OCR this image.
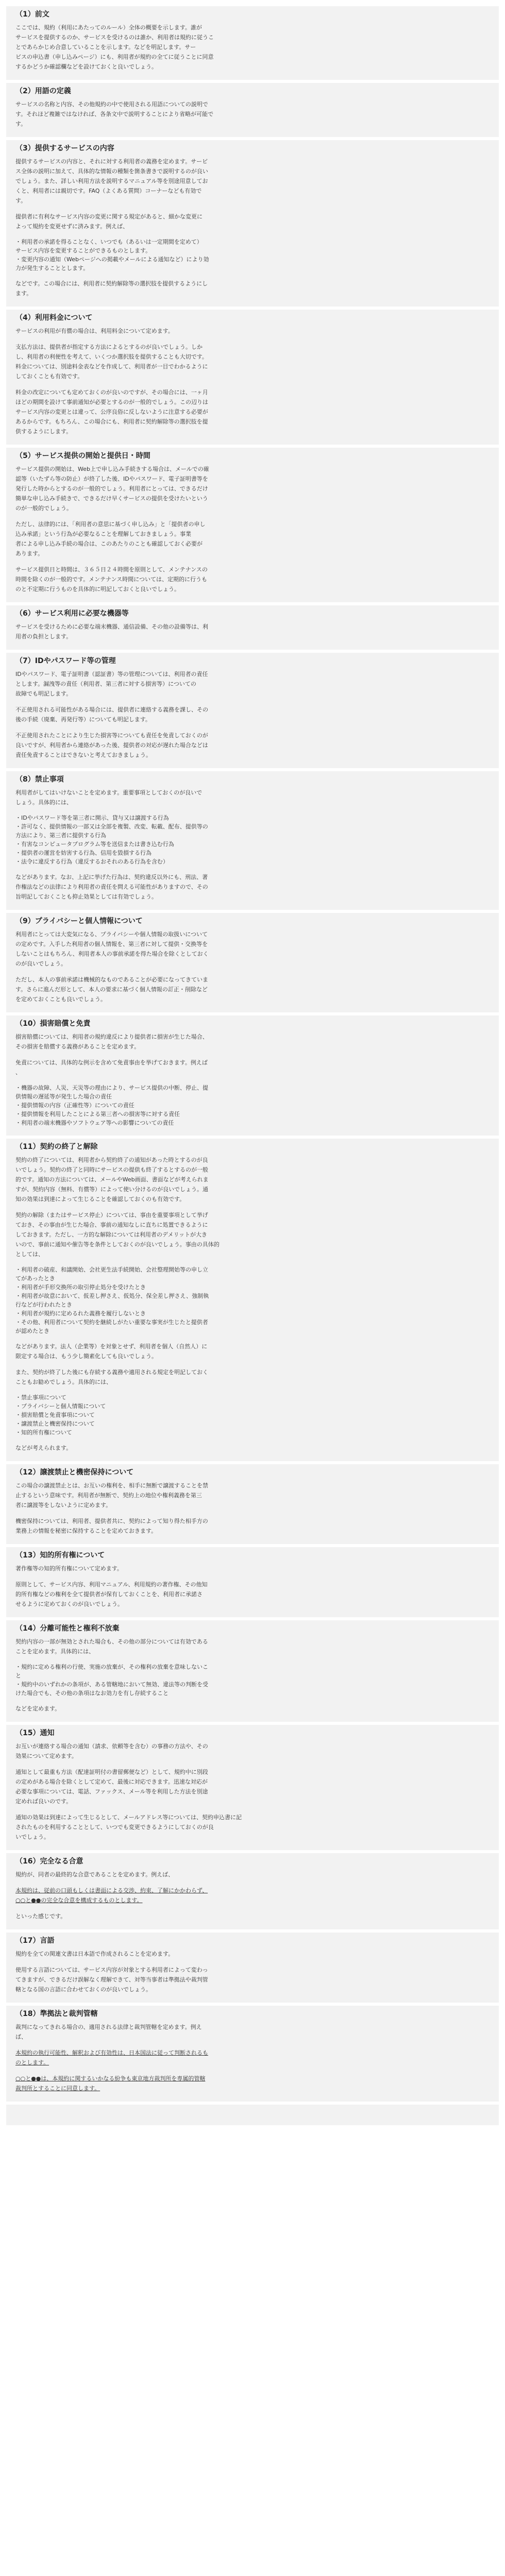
（1）前文

ここでは、規約（利用にあたってのルール）全体の概要を示します。誰が
サービスを提供するのか、サービスを受けるのは誰か、利用者は規約に従うこ
とであらかじめ合意していることを示します。などを明記します。サー
ビスの申込書（申し込みページ）にも、利用者が規約の全てに従うことに同意
するかどうか確認欄などを設けておくと良いでしょう。

（2）用語の定義

サービスの名称と内容、その他規約の中で使用される用語についての説明で
す。それほど複雑ではなければ、各条文中で説明することにより省略が可能で
す。

（3）提供するサービスの内容

提供するサービスの内容と、それに対する利用者の義務を定めます。サービ
ス全体の説明に加えて、具体的な情報の種類を箇条書きで説明するのが良い
でしょう。また、詳しい利用方法を説明するマニュアル等を別途用意してお
くと、利用者には親切です。FAQ（よくある質問）コーナーなども有効で
す。

提供者に有利なサービス内容の変更に関する規定があると、細かな変更に
よって規約を変更せずに済みます。例えば、

・利用者の承諾を得ることなく、いつでも（あるいは一定期間を定めて）
サービス内容を変更することができるものとします。
・変更内容の通知（Webページへの掲載やメールによる通知など）により効
力が発生することとします。

などです。この場合には、利用者に契約解除等の選択肢を提供するようにし
ます。

（4）利用料金について

サービスの利用が有償の場合は、利用料金について定めます。

支払方法は、提供者が指定する方法によるとするのが良いでしょう。しか
し、利用者の利便性を考えて、いくつか選択肢を提供することも大切です。
料金については、別途料金表などを作成して、利用者が一目でわかるように
しておくことも有効です。

料金の改定についても定めておくのが良いのですが、その場合には、一ヶ月
ほどの期間を設けて事前通知が必要とするのが一般的でしょう。この辺りは
サービス内容の変更とは違って、公序良俗に反しないように注意する必要が
あるからです。もちろん、この場合にも、利用者に契約解除等の選択肢を提
供するようにします。

（5）サービス提供の開始と提供日・時間

サービス提供の開始は、Web上で申し込み手続きする場合は、メールでの確
認等（いたずら等の防止）が終了した後、IDやパスワード、電子証明書等を
発行した時からとするのが一般的でしょう。利用者にとっては、できるだけ
簡単な申し込み手続きで、できるだけ早くサービスの提供を受けたいという
のが一般的でしょう。

ただし、法律的には、「利用者の意思に基づく申し込み」と「提供者の申し
込み承諾」という行為が必要なることを理解しておきましょう。事業
者による申し込み手続の場合は、このあたりのことも確認しておく必要が
あります。

サービス提供日と時間は、３６５日２４時間を原則として、メンテナンスの
時間を除くのが一般的です。メンテナンス時間については、定期的に行うも
のと不定期に行うものを具体的に明記しておくと良いでしょう。

（6）サービス利用に必要な機器等

サービスを受けるために必要な端末機器、通信設備、その他の設備等は、利
用者の負担とします。

（7）IDやパスワード等の管理

IDやパスワード、電子証明書（認証書）等の管理については、利用者の責任
とします。漏洩等の責任（利用者、第三者に対する損害等）についての
故障でも明記します。

不正使用される可能性がある場合には、提供者に連絡する義務を課し、その
後の手続（廃棄、再発行等）についても明記します。

不正使用されたことにより生じた損害等についても責任を免責しておくのが
良いですが、利用者から連絡があった後、提供者の対応が遅れた場合などは
責任免責することはできないと考えておきましょう。

（8）禁止事項

利用者がしてはいけないことを定めます。重要事項としておくのが良いで
しょう。具体的には、

・IDやパスワード等を第三者に開示、貸与又は譲渡する行為
・許可なく、提供情報の一部又は全部を複製、改変、転載、配布、提供等の
方法により、第三者に提供する行為
・有害なコンピュータプログラム等を送信または書き込む行為
・提供者の運営を妨害する行為、信用を毀損する行為
・法令に違反する行為（違反するおそれのある行為を含む）

などがあります。なお、上記に挙げた行為は、契約違反以外にも、刑法、著
作権法などの法律により利用者の責任を問える可能性がありますので、その
旨明記しておくことも抑止効果としては有効でしょう。

（9）プライバシーと個人情報について

利用者にとっては大変気になる、プライバシーや個人情報の取扱いについて
の定めです。入手した利用者の個人情報を、第三者に対して提供・交換等を
しないことはもちろん、利用者本人の事前承諾を得た場合を除くとしておく
のが良いでしょう。

ただし、本人の事前承諾は機械的なものであることが必要になってきていま
す。さらに進んだ形として、本人の要求に基づく個人情報の訂正・削除など
を定めておくことも良いでしょう。

（10）損害賠償と免責

損害賠償については、利用者の規約違反により提供者に損害が生じた場合、
その損害を賠償する義務があることを定めます。

免責については、具体的な例示を含めて免責事由を挙げておきます。例えば
、

・機器の故障、人災、天災等の理由により、サービス提供の中断、停止、提
供情報の遅延等が発生した場合の責任
・提供情報の内容（正確性等）についての責任
・提供情報を利用したことによる第三者への損害等に対する責任
・利用者の端末機器やソフトウェア等への影響についての責任
（11）契約の終了と解除

契約の終了については、利用者から契約終了の通知があった時とするのが良
いでしょう。契約の終了と同時にサービスの提供も終了するとするのが一般
的です。通知の方法については、メールやWeb画面、書面などが考えられま
すが、契約内容（無料、有償等）によって使い分けるのが良いでしょう。通
知の効果は到達によって生じることを確認しておくのも有効です。

契約の解除（またはサービス停止）については、事由を重要事項として挙げ
ておき、その事由が生じた場合、事前の通知なしに直ちに処置できるように
しておきます。ただし、一方的な解除については利用者のデメリットが大き
いので、事前に通知や催告等を条件としておくのが良いでしょう。事由の具体的
としては、

・利用者の破産、和議開始、会社更生法手続開始、会社整理開始等の申し立
てがあったとき
・利用者が手形交換所の取引停止処分を受けたとき
・利用者が故意において、仮差し押さえ、仮処分、保全差し押さえ、強制執
行などが行われたとき
・利用者が規約に定めるれた義務を履行しないとき
・その他、利用者について契約を継続しがたい重要な事実が生じたと提供者
が認めたとき

などがあります。法人（企業等）を対象とせず、利用者を個人（自然人）に
限定する場合は、もう少し簡素化しても良いでしょう。

また、契約が終了した後にも存続する義務や適用される規定を明記しておく
こともお勧めでしょう。具体的には、

・禁止事項について
・プライバシーと個人情報について
・損害賠償と免責事項について
・譲渡禁止と機密保持について
・知的所有権について

などが考えられます。

（12）譲渡禁止と機密保持について

この場合の譲渡禁止とは、お互いの権利を、相手に無断で譲渡することを禁
止するという意味です。利用者が無断で、契約上の地位や権利義務を第三
者に譲渡等をしないように定めます。

機密保持については、利用者、提供者共に、契約によって知り得た相手方の
業務上の情報を秘密に保持することを定めておきます。

（13）知的所有権について

著作権等の知的所有権について定めます。

原則として、サービス内容、利用マニュアル、利用規約の著作権、その他知
的所有権などの権利を全て提供者が保有しておくことを、利用者に承諾さ
せるように定めておくのが良いでしょう。

（14）分離可能性と権利不放棄

契約内容の一部が無効とされた場合も、その他の部分については有効である
ことを定めます。具体的には、

・規約に定める権利の行使、実施の放棄が、その権利の放棄を意味しないこ
と
・規約中のいずれかの条項が、ある管轄地において無効、違法等の判断を受
けた場合でも、その他の条項はなお効力を有し存続すること

などを定めます。

（15）通知

お互いが連絡する場合の通知（請求、依頼等を含む）の事務の方法や、その
効果について定めます。

通知として最重も方法（配達証明付の書留郵便など）として、規約中に別段
の定めがある場合を除くとして定めて、最後に対応できます。迅速な対応が
必要な事項については、電話、ファックス、メール等を利用した方法を別途
定めれば良いのです。

通知の効果は到達によって生じるとして、メールアドレス等については、契約申込書に記
されたものを利用することとして、いつでも変更できるようにしておくのが良
いでしょう。

（16）完全なる合意

規約が、同者の最終的な合意であることを定めます。例えば、

本規約は、従前の口頭もしくは書面による交渉、約束、了解にかかわらず、
○○と●●の完全な合意を構成するものとします。

といった感じです。

（17）言語

規約を全ての関連文書は日本語で作成されることを定めます。

使用する言語については、サービス内容が対象とする利用者によって変わっ
てきますが、できるだけ誤解なく理解できて、対等当事者は準拠法や裁判管
轄となる国の言語に合わせておくのが良いでしょう。

（18）準拠法と裁判管轄

裁判になってきれる場合の、適用される法律と裁判管轄を定めます。例え
ば、

本規約の執行可能性、解釈および有効性は、日本国法に従って判断されるも
のとします。

○○と●●は、本規約に関するいかなる紛争も東京地方裁判所を専属的管轄
裁判所とすることに同意します。
